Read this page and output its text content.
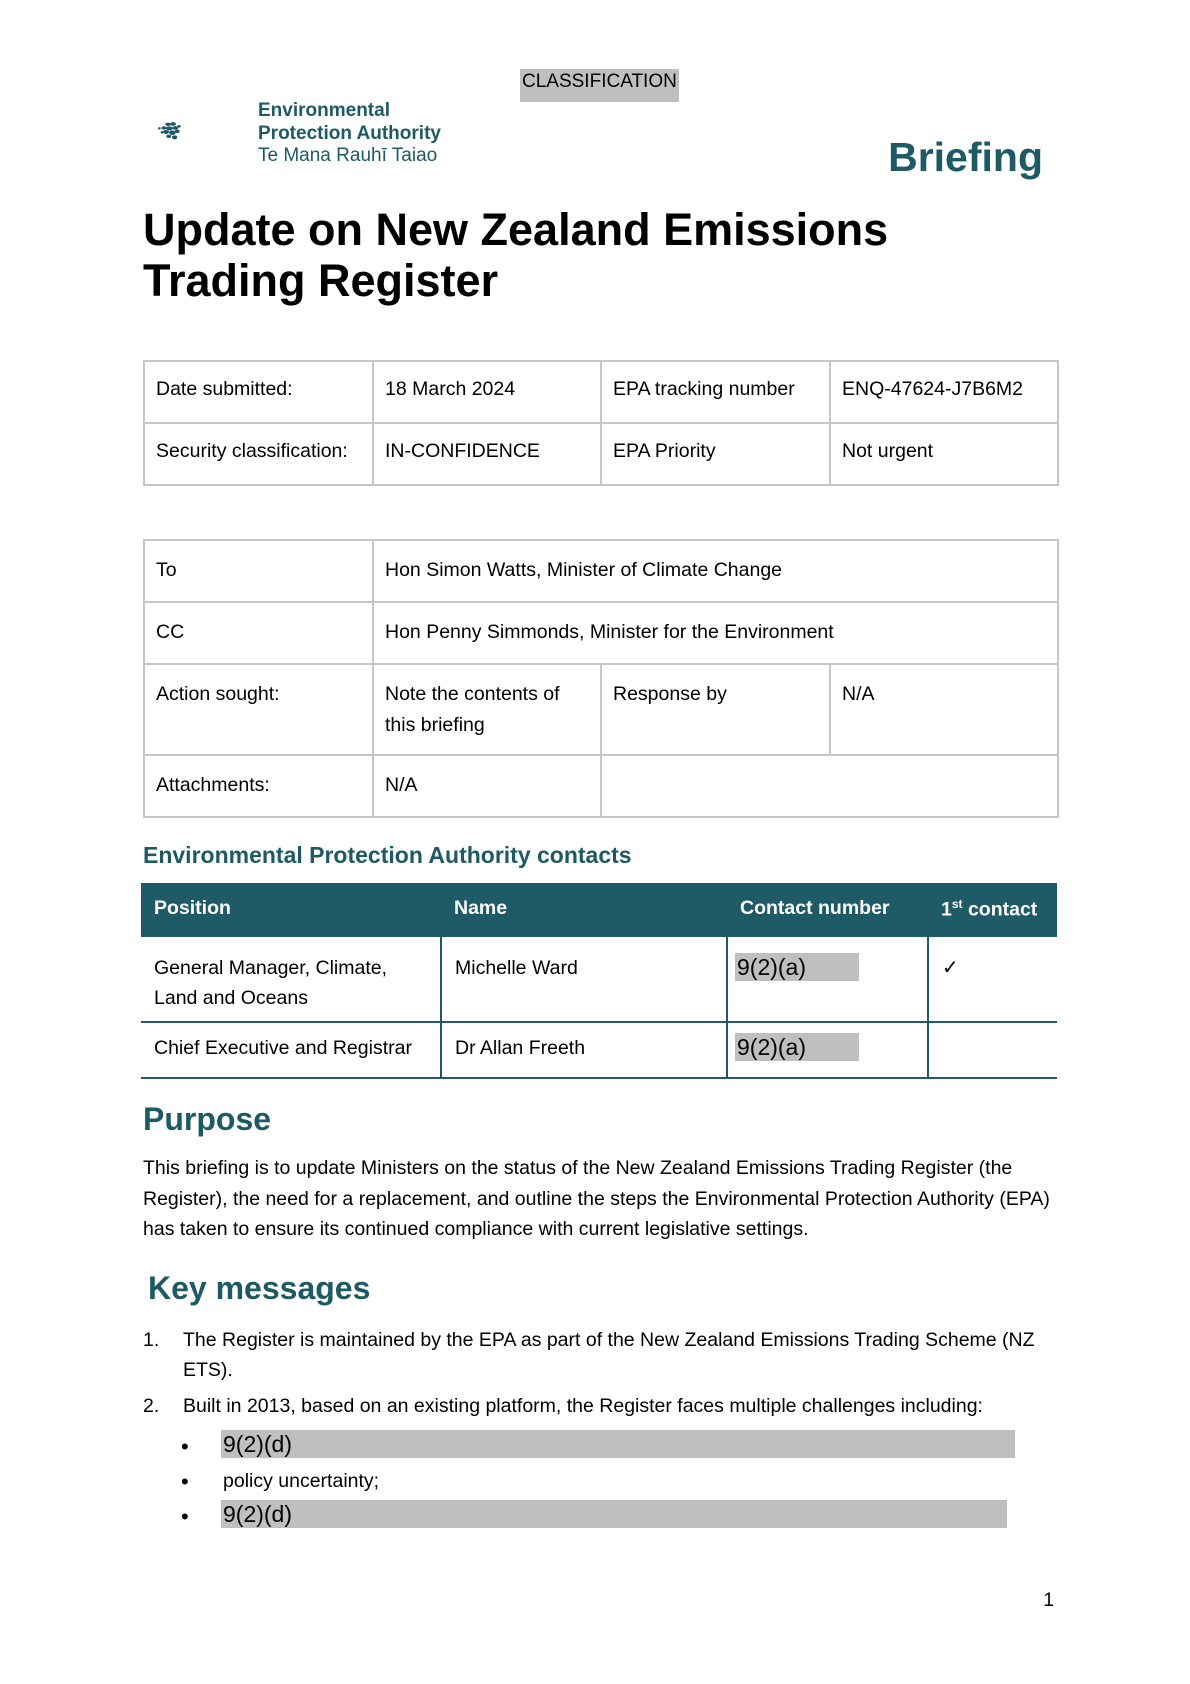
CLASSIFICATION
Environmental
Protection Authority
Te Mana Rauhī Taiao	Briefing
Update on New Zealand Emissions Trading Register
Date submitted:	18 March 2024	EPA tracking number	ENQ-47624-J7B6M2
Security classification:	IN-CONFIDENCE	EPA Priority	Not urgent
To	Hon Simon Watts, Minister of Climate Change		
CC	Hon Penny Simmonds, Minister for the Environment		
Action sought:	Note the contents of this briefing	Response by	N/A
Attachments:	N/A		
Environmental Protection Authority contacts
Position	Name	Contact number	1st contact
General Manager, Climate, Land and Oceans	Michelle Ward	9(2)(a)	✓
Chief Executive and Registrar	Dr Allan Freeth	9(2)(a)	
Purpose

This briefing is to update Ministers on the status of the New Zealand Emissions Trading Register (the Register), the need for a replacement, and outline the steps the Environmental Protection Authority (EPA) has taken to ensure its continued compliance with current legislative settings.

Key messages
1. The Register is maintained by the EPA as part of the New Zealand Emissions Trading Scheme (NZ ETS).
2. Built in 2013, based on an existing platform, the Register faces multiple challenges including:
• 9(2)(d)
• policy uncertainty;
• 9(2)(d)
1
